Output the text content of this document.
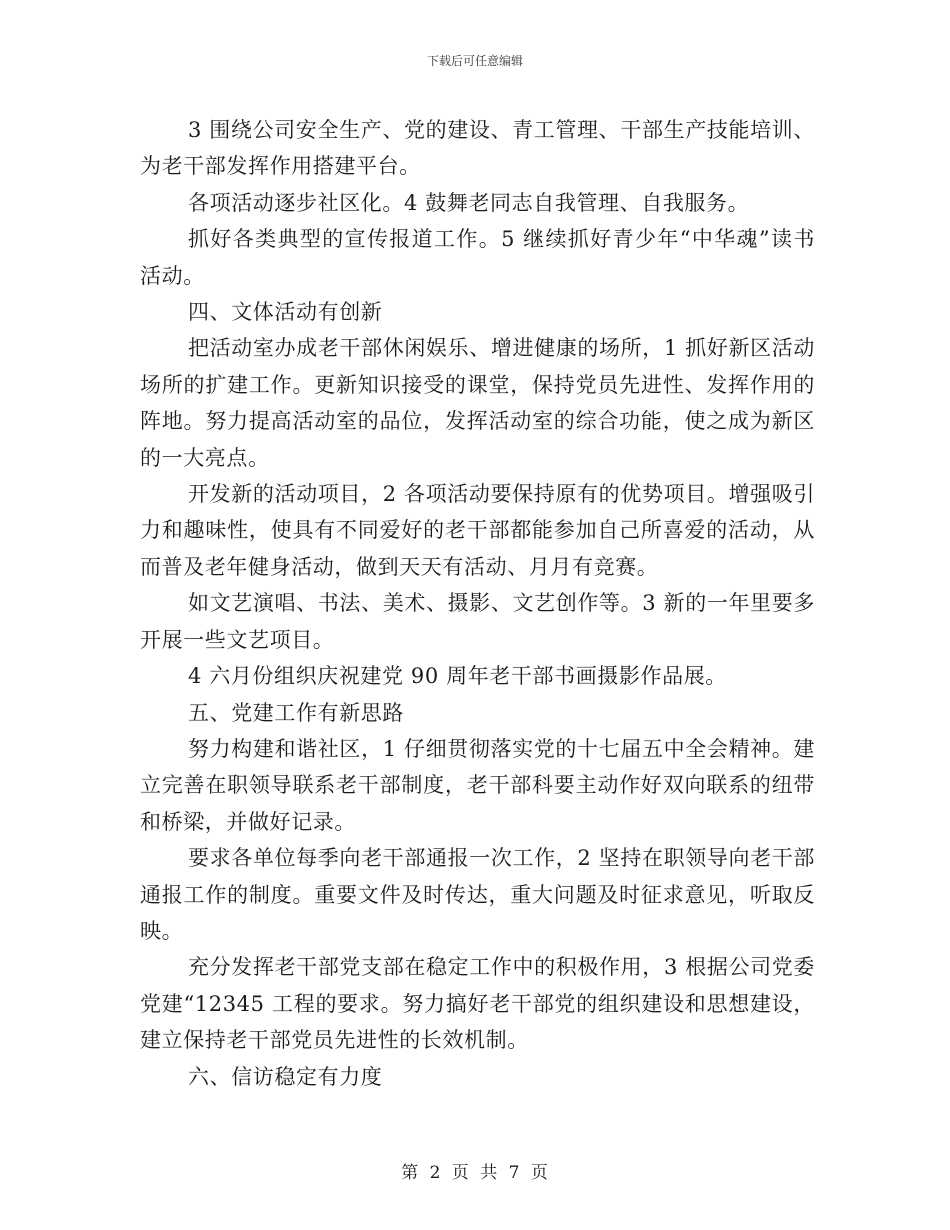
下载后可任意编辑

3 围绕公司安全生产、党的建设、青工管理、干部生产技能培训、为老干部发挥作用搭建平台。

各项活动逐步社区化。4 鼓舞老同志自我管理、自我服务。

抓好各类典型的宣传报道工作。5 继续抓好青少年“中华魂”读书活动。

四、文体活动有创新

把活动室办成老干部休闲娱乐、增进健康的场所，1 抓好新区活动场所的扩建工作。更新知识接受的课堂，保持党员先进性、发挥作用的阵地。努力提高活动室的品位，发挥活动室的综合功能，使之成为新区的一大亮点。

开发新的活动项目，2 各项活动要保持原有的优势项目。增强吸引力和趣味性，使具有不同爱好的老干部都能参加自己所喜爱的活动，从而普及老年健身活动，做到天天有活动、月月有竞赛。

如文艺演唱、书法、美术、摄影、文艺创作等。3 新的一年里要多开展一些文艺项目。

4 六月份组织庆祝建党 90 周年老干部书画摄影作品展。

五、党建工作有新思路

努力构建和谐社区，1 仔细贯彻落实党的十七届五中全会精神。建立完善在职领导联系老干部制度，老干部科要主动作好双向联系的纽带和桥梁，并做好记录。

要求各单位每季向老干部通报一次工作，2 坚持在职领导向老干部通报工作的制度。重要文件及时传达，重大问题及时征求意见，听取反映。

充分发挥老干部党支部在稳定工作中的积极作用，3 根据公司党委党建“12345 工程的要求。努力搞好老干部党的组织建设和思想建设，建立保持老干部党员先进性的长效机制。

六、信访稳定有力度

第 2 页 共 7 页
